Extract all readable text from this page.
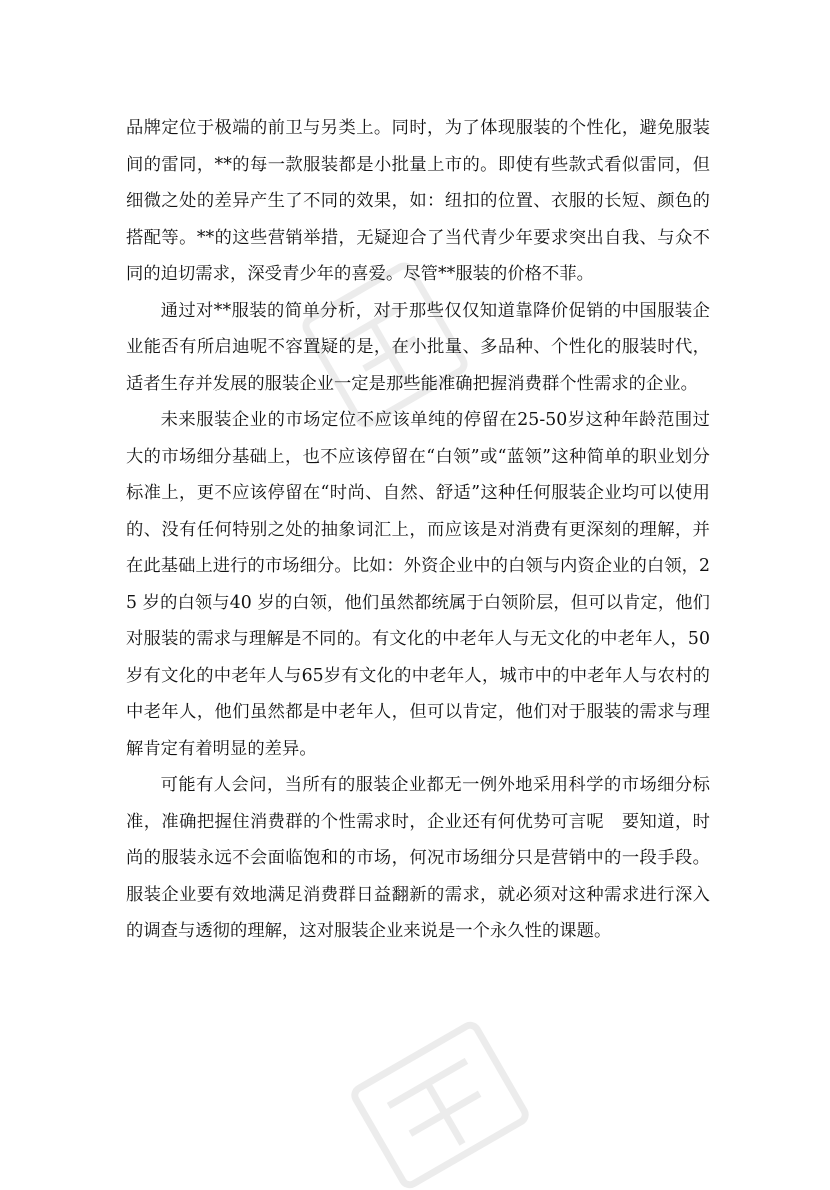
品牌定位于极端的前卫与另类上。同时，为了体现服装的个性化，避免服装间的雷同，**的每一款服装都是小批量上市的。即使有些款式看似雷同，但细微之处的差异产生了不同的效果，如：纽扣的位置、衣服的长短、颜色的搭配等。**的这些营销举措，无疑迎合了当代青少年要求突出自我、与众不同的迫切需求，深受青少年的喜爱。尽管**服装的价格不菲。

通过对**服装的简单分析，对于那些仅仅知道靠降价促销的中国服装企业能否有所启迪呢不容置疑的是，在小批量、多品种、个性化的服装时代，适者生存并发展的服装企业一定是那些能准确把握消费群个性需求的企业。

未来服装企业的市场定位不应该单纯的停留在25-50岁这种年龄范围过大的市场细分基础上，也不应该停留在“白领”或“蓝领”这种简单的职业划分标准上，更不应该停留在“时尚、自然、舒适”这种任何服装企业均可以使用的、没有任何特别之处的抽象词汇上，而应该是对消费有更深刻的理解，并在此基础上进行的市场细分。比如：外资企业中的白领与内资企业的白领，25 岁的白领与40 岁的白领，他们虽然都统属于白领阶层，但可以肯定，他们对服装的需求与理解是不同的。有文化的中老年人与无文化的中老年人，50 岁有文化的中老年人与65岁有文化的中老年人，城市中的中老年人与农村的中老年人，他们虽然都是中老年人，但可以肯定，他们对于服装的需求与理解肯定有着明显的差异。

可能有人会问，当所有的服装企业都无一例外地采用科学的市场细分标准，准确把握住消费群的个性需求时，企业还有何优势可言呢　要知道，时尚的服装永远不会面临饱和的市场，何况市场细分只是营销中的一段手段。服装企业要有效地满足消费群日益翻新的需求，就必须对这种需求进行深入的调查与透彻的理解，这对服装企业来说是一个永久性的课题。
